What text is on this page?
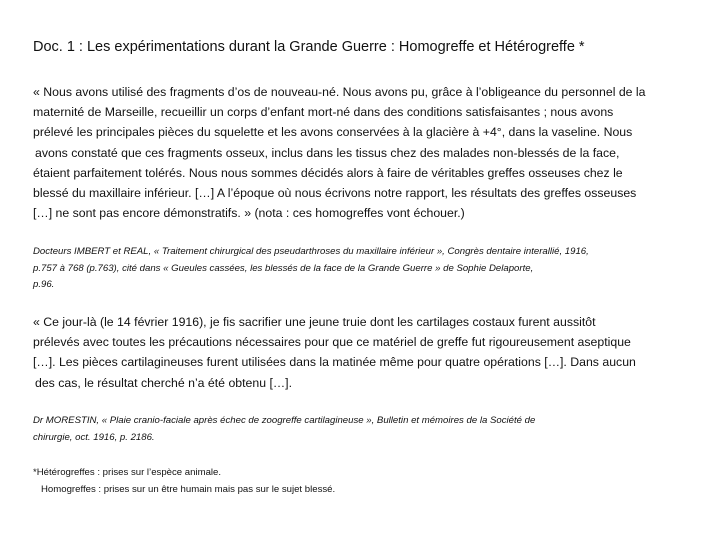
Doc. 1 : Les expérimentations durant la Grande Guerre : Homogreffe et Hétérogreffe *
« Nous avons utilisé des fragments d’os de nouveau-né. Nous avons pu, grâce à l’obligeance du personnel de la
maternité de Marseille, recueillir un corps d’enfant mort-né dans des conditions satisfaisantes ; nous avons
prélevé les principales pièces du squelette et les avons conservées à la glacière à +4°, dans la vaseline. Nous
avons constaté que ces fragments osseux, inclus dans les tissus chez des malades non-blessés de la face,
étaient parfaitement tolérés. Nous nous sommes décidés alors à faire de véritables greffes osseuses chez le
blessé du maxillaire inférieur. […] A l’époque où nous écrivons notre rapport, les résultats des greffes osseuses
[…] ne sont pas encore démonstratifs. » (nota : ces homogreffes vont échouer.)
Docteurs IMBERT et REAL, « Traitement chirurgical des pseudarthroses du maxillaire inférieur », Congrès dentaire interallié, 1916,
p.757 à 768 (p.763), cité dans « Gueules cassées, les blessés de la face de la Grande Guerre » de Sophie Delaporte,
p.96.
« Ce jour-là (le 14 février 1916), je fis sacrifier une jeune truie dont les cartilages costaux furent aussitôt
prélevés avec toutes les précautions nécessaires pour que ce matériel de greffe fut rigoureusement aseptique
[…]. Les pièces cartilagineuses furent utilisées dans la matinée même pour quatre opérations […]. Dans aucun
des cas, le résultat cherché n’a été obtenu […].
Dr MORESTIN, « Plaie cranio-faciale après échec de zoogreffe cartilagineuse », Bulletin et mémoires de la Société de
chirurgie, oct. 1916, p. 2186.
*Hétérogreffes : prises sur l’espèce animale.
Homogreffes : prises sur un être humain mais pas sur le sujet blessé.
